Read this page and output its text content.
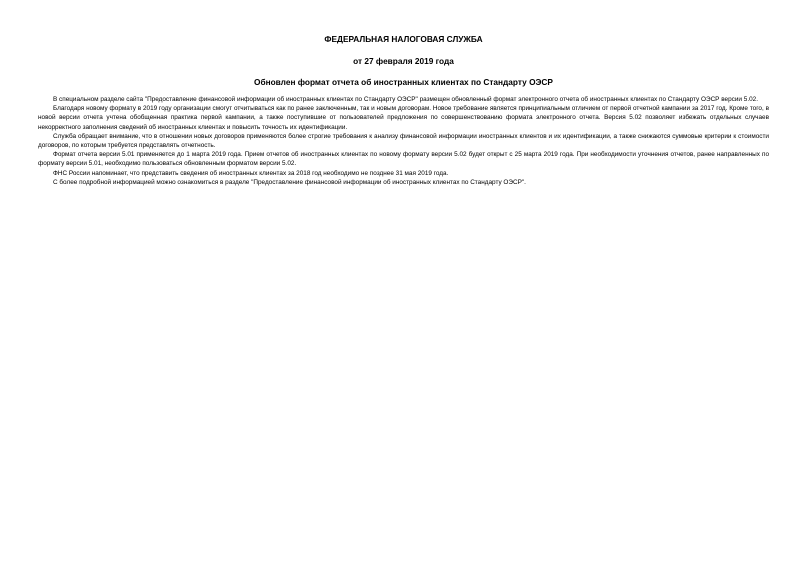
ФЕДЕРАЛЬНАЯ НАЛОГОВАЯ СЛУЖБА
от 27 февраля 2019 года
Обновлен формат отчета об иностранных клиентах по Стандарту ОЭСР

В специальном разделе сайта "Предоставление финансовой информации об иностранных клиентах по Стандарту ОЭСР" размещен обновленный формат электронного отчета об иностранных клиентах по Стандарту ОЭСР версии 5.02.

Благодаря новому формату в 2019 году организации смогут отчитываться как по ранее заключенным, так и новым договорам. Новое требование является принципиальным отличием от первой отчетной кампании за 2017 год. Кроме того, в новой версии отчета учтена обобщенная практика первой кампании, а также поступившие от пользователей предложения по совершенствованию формата электронного отчета. Версия 5.02 позволяет избежать отдельных случаев некорректного заполнения сведений об иностранных клиентах и повысить точность их идентификации.

Служба обращает внимание, что в отношении новых договоров применяются более строгие требования к анализу финансовой информации иностранных клиентов и их идентификации, а также снижаются суммовые критерии к стоимости договоров, по которым требуется представлять отчетность.

Формат отчета версии 5.01 применяется до 1 марта 2019 года. Прием отчетов об иностранных клиентах по новому формату версии 5.02 будет открыт с 25 марта 2019 года. При необходимости уточнения отчетов, ранее направленных по формату версии 5.01, необходимо пользоваться обновленным форматом версии 5.02.

ФНС России напоминает, что представить сведения об иностранных клиентах за 2018 год необходимо не позднее 31 мая 2019 года.

С более подробной информацией можно ознакомиться в разделе "Предоставление финансовой информации об иностранных клиентах по Стандарту ОЭСР".
